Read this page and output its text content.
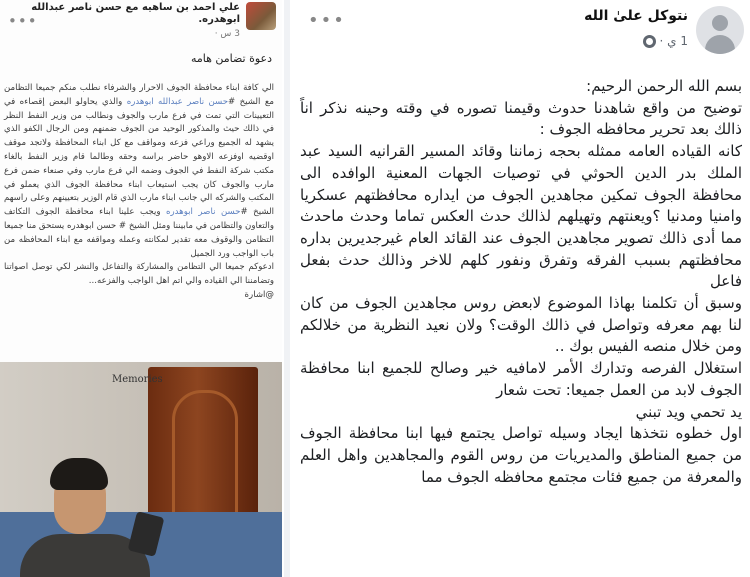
علي احمد بن ساهيه مع حسن ناصر عبدالله ابوهدره.
3 س ·
•••
دعوة تضامن هامه
الي كافة ابناء محافظة الجوف الاحرار والشرفاء نطلب منكم جميعا التظامن مع الشيخ #حسن ناصر عبدالله ابوهدره والذي يحاولو البعض إقصاءه في التعيينات التي تمت في فرع مارب والجوف ونطالب من وزير النفط النظر في ذالك حيث والمذكور الوحيد من الجوف ضمنهم ومن الرجال الكفو الذي يشهد له الجميع وراعي فزعه ومواقف مع كل ابناء المحافظة ولاتجد موقف اوقضيه اوفزعه الاوهو حاضر براسه وحقه وطالما قام وزير النفط بالغاء مكتب شركة النفط في الجوف وضمه الي فرع مارب وفي صنعاء ضمن فرع مارب والجوف كان يجب استيعاب ابناء محافظة الجوف الذي يعملو في المكتب والشركه الي جانب ابناء مارب الذي قام الوزير بتعيينهم وعلى راسهم الشيخ #حسن ناصر ابوهدره ويجب علينا ابناء محافظة الجوف التكاتف والتعاون والتظامن في مابيننا ومثل الشيخ # حسن ابوهدره يستحق منا جميعا التظامن والوقوف معه تقدير لمكانته وعمله ومواقفه مع ابناء المحافظه من باب الواجب ورد الجميل
ادعوكم جميعا الي التظامن والمشاركة والتفاعل والنشر لكي توصل اصواتنا وتضامننا الي القياده والي اتم اهل الواجب والفزعه...
@اشارة
Memories
•••	نتوكل علىٰ الله
1 ي ·

بسم الله الرحمن الرحيم:

توضيح من واقع شاهدنا حدوث وقيمنا تصوره في وقته وحينه نذكر اناً ذالك بعد تحرير محافظه الجوف :

كانه القياده العامه ممثله بحجه زماننا وقائد المسير القرانيه السيد عبد الملك بدر الدين الحوثي في توصيات الجهات المعنية الوافده الى محافظة الجوف تمكين مجاهدين الجوف من ايداره محافظتهم عسكريا وامنيا ومدنيا ؟ويعنتهم وتهيلهم لذالك حدث العكس تماما وحدث ماحدث مما أدى ذالك تصوير مجاهدين الجوف عند القائد العام غيرجديرين بداره محافظتهم بسبب الفرقه وتفرق ونفور كلهم للاخر وذالك حدث بفعل فاعل

وسبق أن تكلمنا بهاذا الموضوع لابعض روس مجاهدين الجوف من كان لنا بهم معرفه وتواصل في ذالك الوقت؟ ولان نعيد النظرية من خلالكم ومن خلال منصه الفيس بوك ..

استغلال الفرصه وتدارك الأمر لامافيه خير وصالح للجميع ابنا محافظة الجوف لابد من العمل جميعا: تحت شعار

يد تحمي ويد تبني

اول خطوه نتخذها ايجاد وسيله تواصل يجتمع فيها ابنا محافظة الجوف من جميع المناطق والمديريات من روس القوم والمجاهدين واهل العلم والمعرفة من جميع فئات مجتمع محافظه الجوف مما
